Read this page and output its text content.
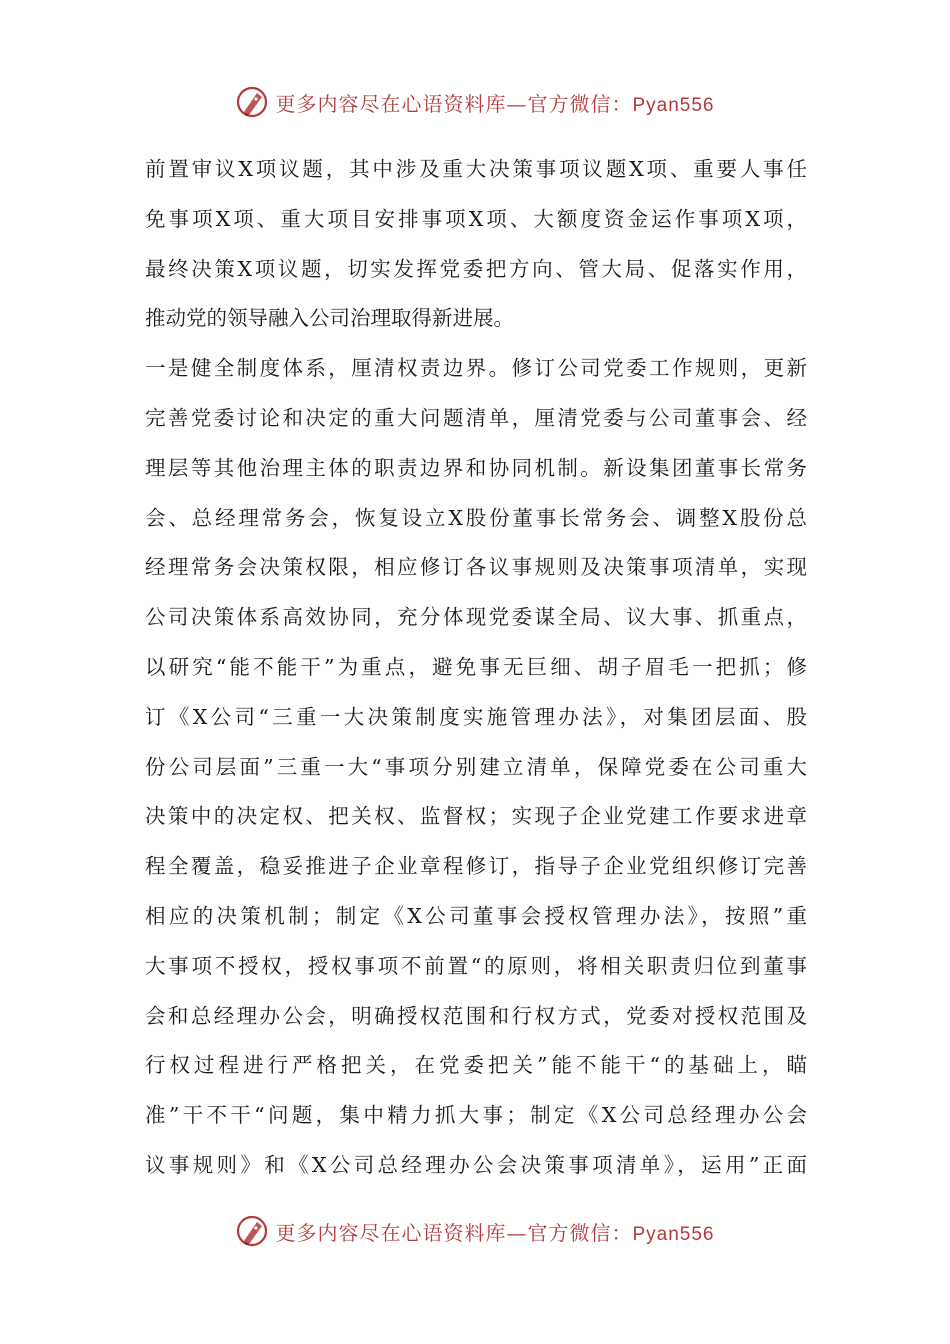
更多内容尽在心语资料库—官方微信：Pyan556
前置审议X项议题，其中涉及重大决策事项议题X项、重要人事任
免事项X项、重大项目安排事项X项、大额度资金运作事项X项，
最终决策X项议题，切实发挥党委把方向、管大局、促落实作用，
推动党的领导融入公司治理取得新进展。
一是健全制度体系，厘清权责边界。修订公司党委工作规则，更新
完善党委讨论和决定的重大问题清单，厘清党委与公司董事会、经
理层等其他治理主体的职责边界和协同机制。新设集团董事长常务
会、总经理常务会，恢复设立X股份董事长常务会、调整X股份总
经理常务会决策权限，相应修订各议事规则及决策事项清单，实现
公司决策体系高效协同，充分体现党委谋全局、议大事、抓重点，
以研究“能不能干”为重点，避免事无巨细、胡子眉毛一把抓；修
订《X公司“三重一大决策制度实施管理办法》，对集团层面、股
份公司层面”三重一大“事项分别建立清单，保障党委在公司重大
决策中的决定权、把关权、监督权；实现子企业党建工作要求进章
程全覆盖，稳妥推进子企业章程修订，指导子企业党组织修订完善
相应的决策机制；制定《X公司董事会授权管理办法》，按照”重
大事项不授权，授权事项不前置“的原则，将相关职责归位到董事
会和总经理办公会，明确授权范围和行权方式，党委对授权范围及
行权过程进行严格把关，在党委把关”能不能干“的基础上，瞄
准”干不干“问题，集中精力抓大事；制定《X公司总经理办公会
议事规则》和《X公司总经理办公会决策事项清单》，运用”正面
更多内容尽在心语资料库—官方微信：Pyan556
